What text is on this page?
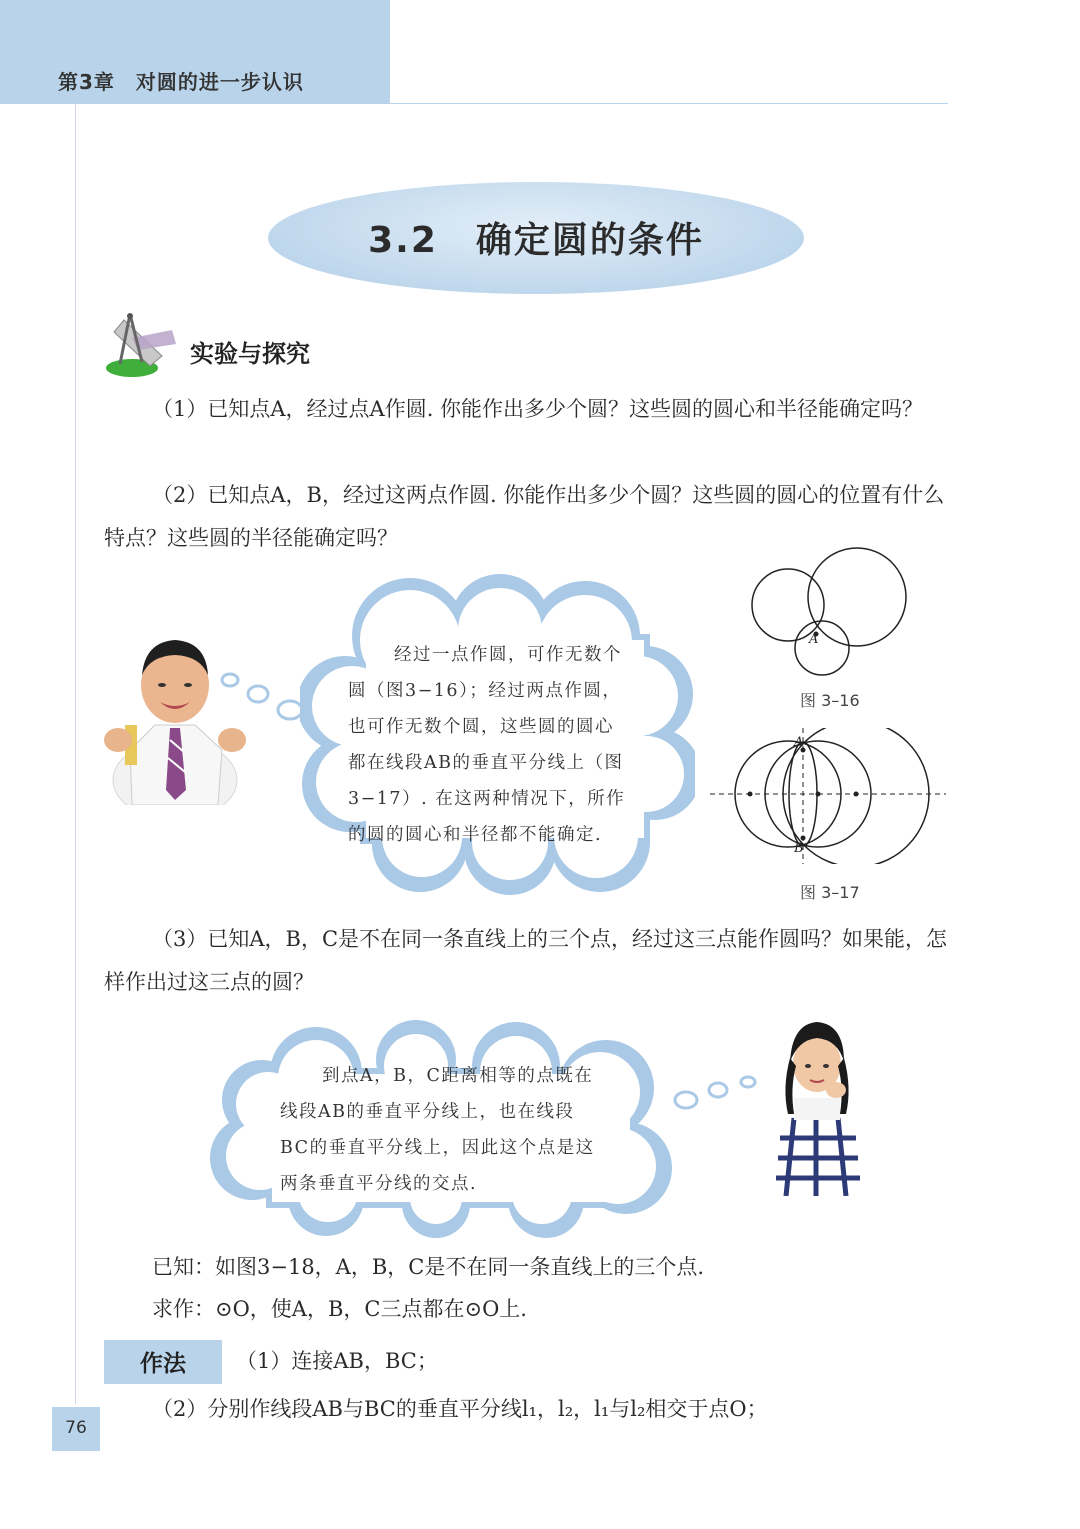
第3章　对圆的进一步认识
3.2　确定圆的条件
实验与探究
（1）已知点A，经过点A作圆. 你能作出多少个圆？这些圆的圆心和半径能确定吗？
（2）已知点A，B，经过这两点作圆. 你能作出多少个圆？这些圆的圆心的位置有什么特点？这些圆的半径能确定吗？
经过一点作圆，可作无数个
圆（图3−16）；经过两点作圆，
也可作无数个圆，这些圆的圆心
都在线段AB的垂直平分线上（图
3−17）. 在这两种情况下，所作
的圆的圆心和半径都不能确定.
A
图 3–16
A
B
图 3–17
（3）已知A，B，C是不在同一条直线上的三个点，经过这三点能作圆吗？如果能，怎样作出过这三点的圆？
到点A，B，C距离相等的点既在
线段AB的垂直平分线上，也在线段
BC的垂直平分线上，因此这个点是这
两条垂直平分线的交点.
已知：如图3−18，A，B，C是不在同一条直线上的三个点.
求作：⊙O，使A，B，C三点都在⊙O上.
作法	（1）连接AB，BC；
（2）分别作线段AB与BC的垂直平分线l₁，l₂，l₁与l₂相交于点O；
76
